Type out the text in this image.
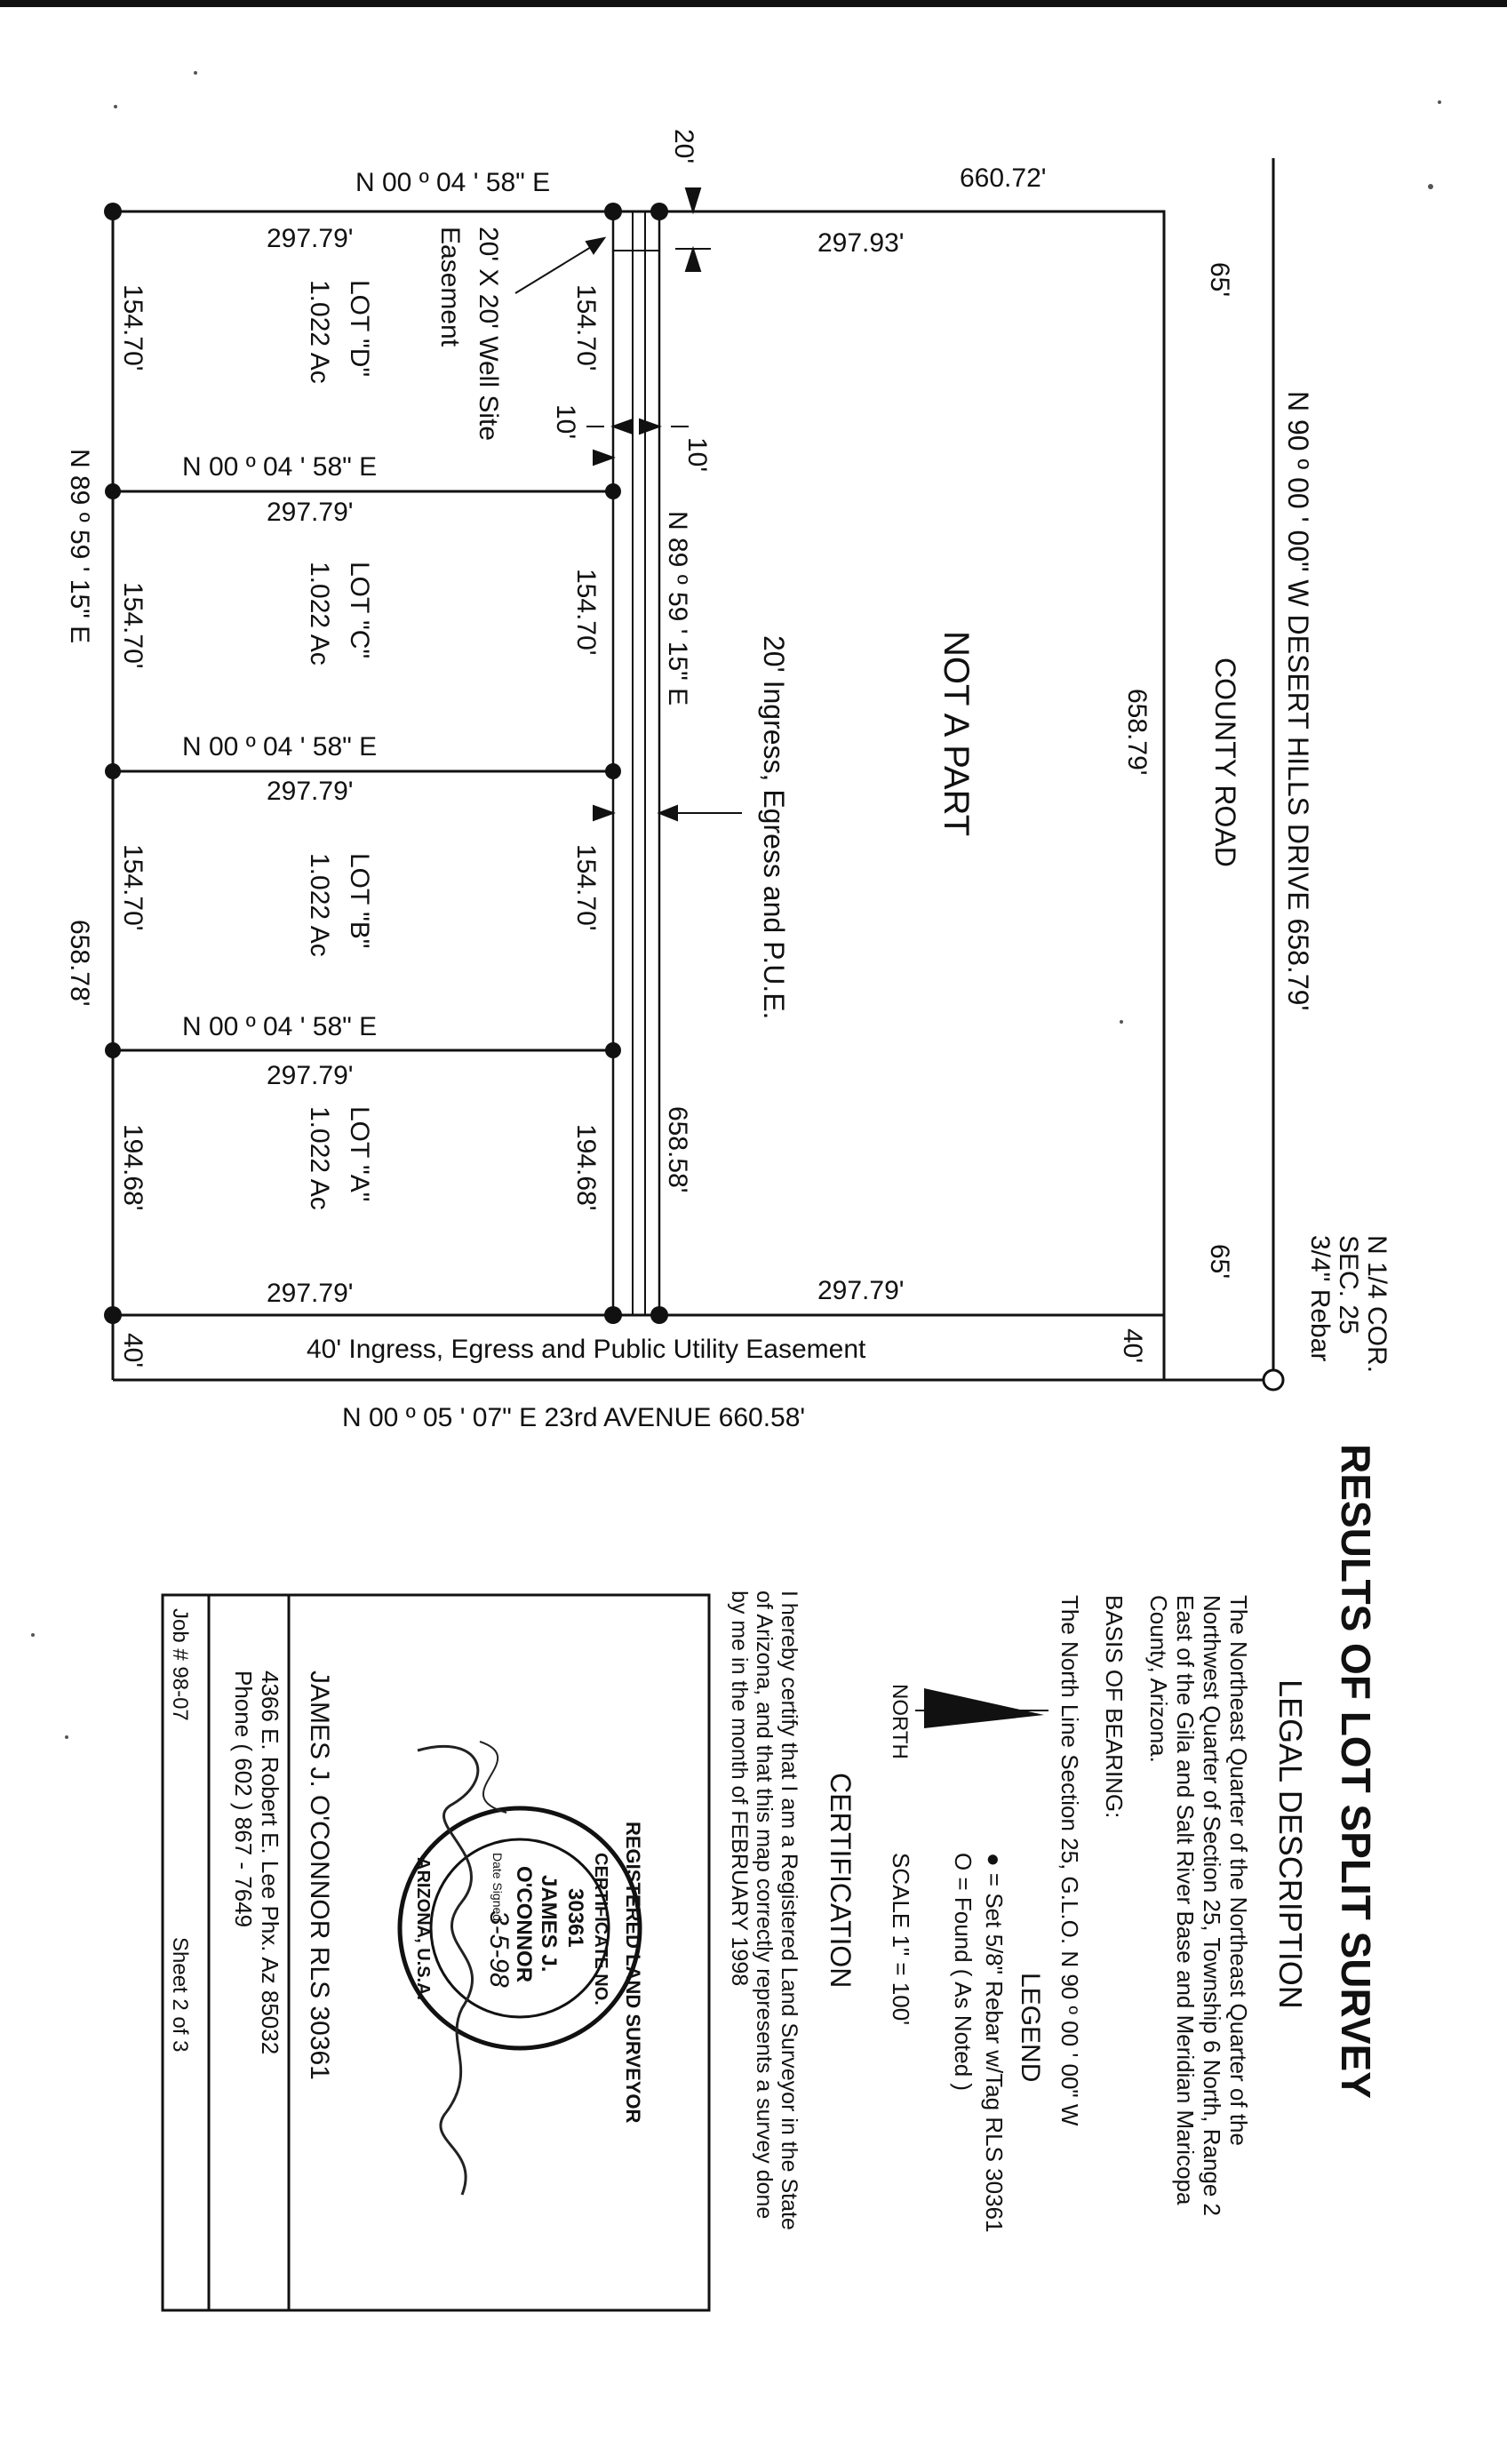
N 00 º 04 ' 58" E	660.72'
20'
65'
65'
N 90 º 00 ' 00" W DESERT HILLS DRIVE 658.79'
COUNTY ROAD
658.79'
NOT A PART
297.93'
297.79'
20' Ingress, Egress and P.U.E.
N 89 º 59 ' 15" E
658.58'
10'
10'
20' X 20' Well Site
Easement
297.79'
154.70'	154.70'
LOT "D"
1.022 Ac
N 00 º 04 ' 58" E
297.79'
154.70'	154.70'
LOT "C"
1.022 Ac
N 00 º 04 ' 58" E
297.79'
154.70'	154.70'
LOT "B"
1.022 Ac
N 00 º 04 ' 58" E
297.79'
194.68'	194.68'
LOT "A"
1.022 Ac
297.79'
N 89 º 59 ' 15" E
658.78'
40'	40'
40' Ingress, Egress and Public Utility Easement
N 00 º 05 ' 07" E 23rd AVENUE 660.58'
N 1/4 COR.
SEC. 25
3/4" Rebar
RESULTS OF LOT SPLIT SURVEY
LEGAL DESCRIPTION
The Northeast Quarter of the Northeast Quarter of the
Northwest Quarter of Section 25, Township 6 North, Range 2
East of the Gila and Salt River Base and Meridian Maricopa
County, Arizona.
BASIS OF BEARING:
The North Line Section 25, G.L.O. N 90 º 00 ' 00" W
NORTH
LEGEND
● = Set 5/8" Rebar w/Tag RLS 30361
O = Found ( As Noted )
SCALE 1" = 100'
CERTIFICATION
I hereby certify that I am a Registered Land Surveyor in the State
of Arizona, and that this map correctly represents a survey done
by me in the month of FEBRUARY 1998
REGISTERED LAND SURVEYOR
ARIZONA, U.S.A.	CERTIFICATE NO.
30361
JAMES J.
O'CONNOR
Date Signed
3-5-98
JAMES J. O'CONNOR RLS 30361
4366 E. Robert E. Lee Phx. Az 85032
Phone ( 602 ) 867 - 7649
Job # 98-07
Sheet 2 of 3
